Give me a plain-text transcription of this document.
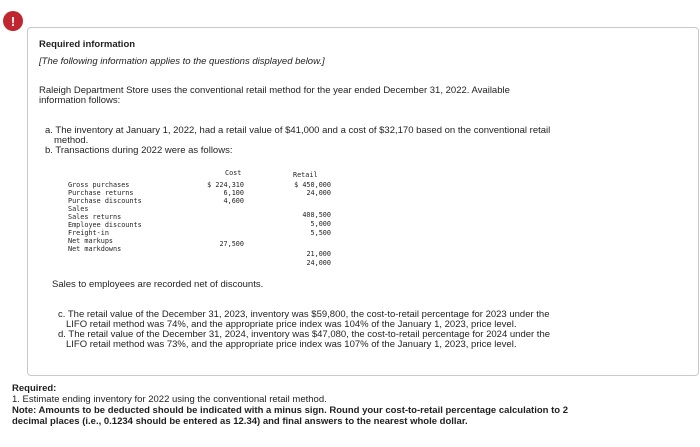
!
Required information
[The following information applies to the questions displayed below.]
Raleigh Department Store uses the conventional retail method for the year ended December 31, 2022. Available
information follows:
a. The inventory at January 1, 2022, had a retail value of $41,000 and a cost of $32,170 based on the conventional retail
method.
b. Transactions during 2022 were as follows:
Cost	Retail
Gross purchases
Purchase returns
Purchase discounts
Sales
Sales returns
Employee discounts
Freight-in
Net markups
Net markdowns
$ 224,310
6,100
4,600
27,500
$ 450,000
24,000
408,500
5,000
5,500
21,000
24,000
Sales to employees are recorded net of discounts.
c. The retail value of the December 31, 2023, inventory was $59,800, the cost-to-retail percentage for 2023 under the
LIFO retail method was 74%, and the appropriate price index was 104% of the January 1, 2023, price level.
d. The retail value of the December 31, 2024, inventory was $47,080, the cost-to-retail percentage for 2024 under the
LIFO retail method was 73%, and the appropriate price index was 107% of the January 1, 2023, price level.
Required:
1. Estimate ending inventory for 2022 using the conventional retail method.
Note: Amounts to be deducted should be indicated with a minus sign. Round your cost-to-retail percentage calculation to 2
decimal places (i.e., 0.1234 should be entered as 12.34) and final answers to the nearest whole dollar.
